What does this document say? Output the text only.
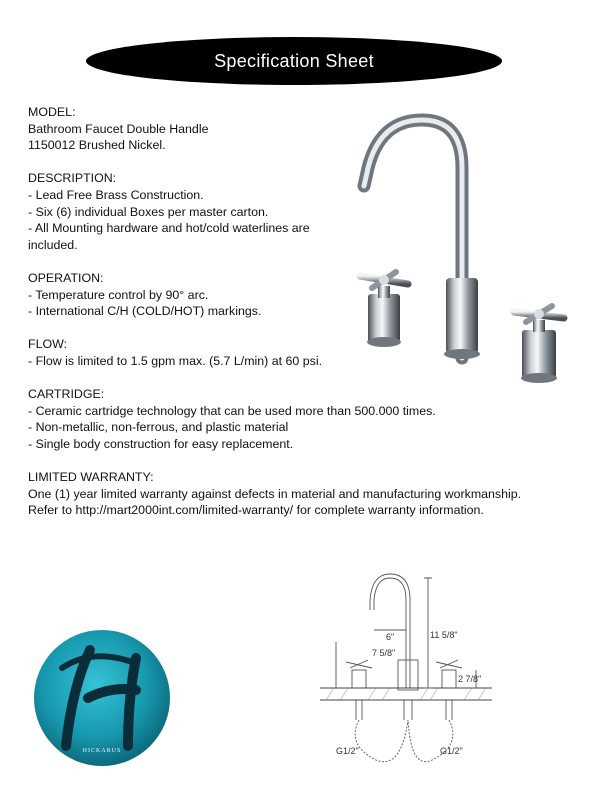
Specification Sheet
MODEL:
Bathroom Faucet Double Handle
1150012 Brushed Nickel.
DESCRIPTION:
- Lead Free Brass Construction.
- Six (6) individual Boxes per master carton.
- All Mounting hardware and hot/cold waterlines are included.
OPERATION:
- Temperature control by 90° arc.
- International C/H (COLD/HOT) markings.
FLOW:
- Flow is limited to 1.5 gpm max. (5.7 L/min) at 60 psi.
CARTRIDGE:
- Ceramic cartridge technology that can be used more than 500.000 times.
- Non-metallic, non-ferrous, and plastic material
- Single body construction for easy replacement.
LIMITED WARRANTY:
One (1) year limited warranty against defects in material and manufacturing workmanship.
Refer to http://mart2000int.com/limited-warranty/ for complete warranty information.
HICKARUS
6"	11 5/8"
7 5/8"
2 7/8"
G1/2"	G1/2"
